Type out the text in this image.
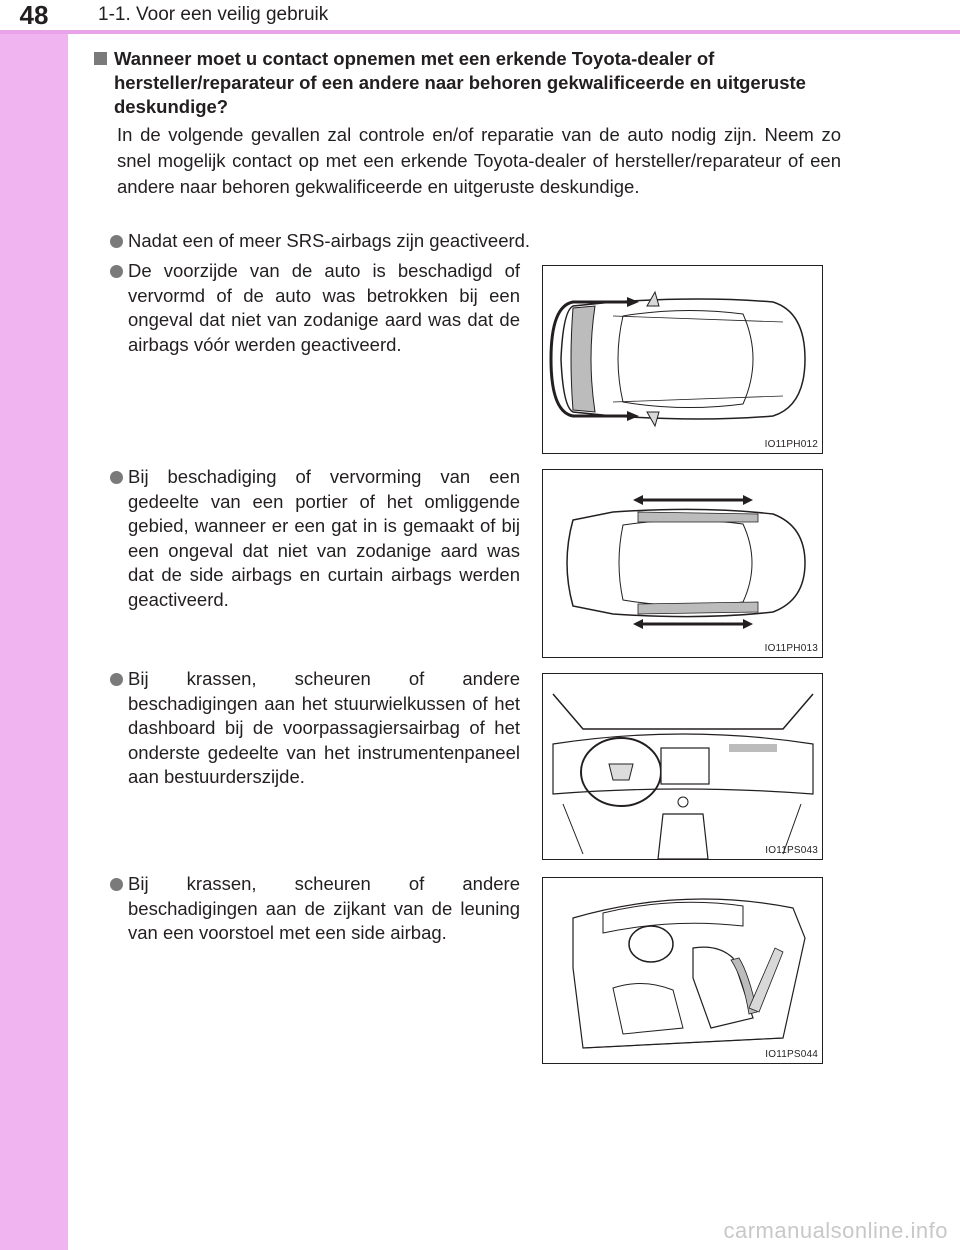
48	1-1. Voor een veilig gebruik
Wanneer moet u contact opnemen met een erkende Toyota-dealer of hersteller/reparateur of een andere naar behoren gekwalificeerde en uitgeruste deskundige?
In de volgende gevallen zal controle en/of reparatie van de auto nodig zijn. Neem zo snel mogelijk contact op met een erkende Toyota-dealer of hersteller/reparateur of een andere naar behoren gekwalificeerde en uitgeruste deskundige.
Nadat een of meer SRS-airbags zijn geactiveerd.
De voorzijde van de auto is beschadigd of vervormd of de auto was betrokken bij een ongeval dat niet van zodanige aard was dat de airbags vóór werden geactiveerd.
Bij beschadiging of vervorming van een gedeelte van een portier of het omliggende gebied, wanneer er een gat in is gemaakt of bij een ongeval dat niet van zodanige aard was dat de side airbags en curtain airbags werden geactiveerd.
Bij krassen, scheuren of andere beschadigingen aan het stuurwielkussen of het dashboard bij de voorpassagiersairbag of het onderste gedeelte van het instrumentenpaneel aan bestuurderszijde.
Bij krassen, scheuren of andere beschadigingen aan de zijkant van de leuning van een voorstoel met een side airbag.
IO11PH012
IO11PH013
IO11PS043
IO11PS044
carmanualsonline.info
